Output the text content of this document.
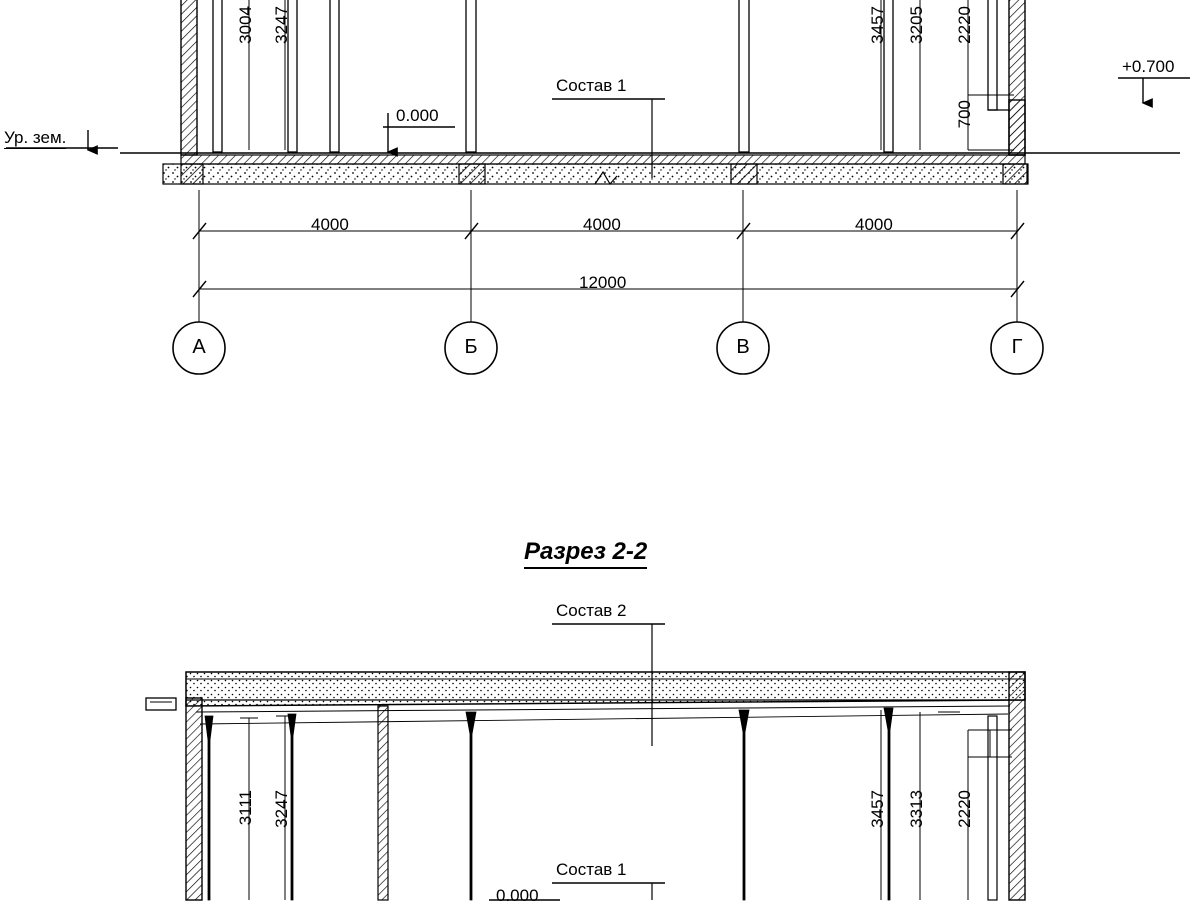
Ур. зем.
0.000
+0.700
Состав 1
3004 3247	3457 3205 2220
700
4000	4000	4000
12000
А	Б	В	Г
Разрез 2-2
Состав 2
Состав 1
0.000
3111 3247	3457 3313 2220
